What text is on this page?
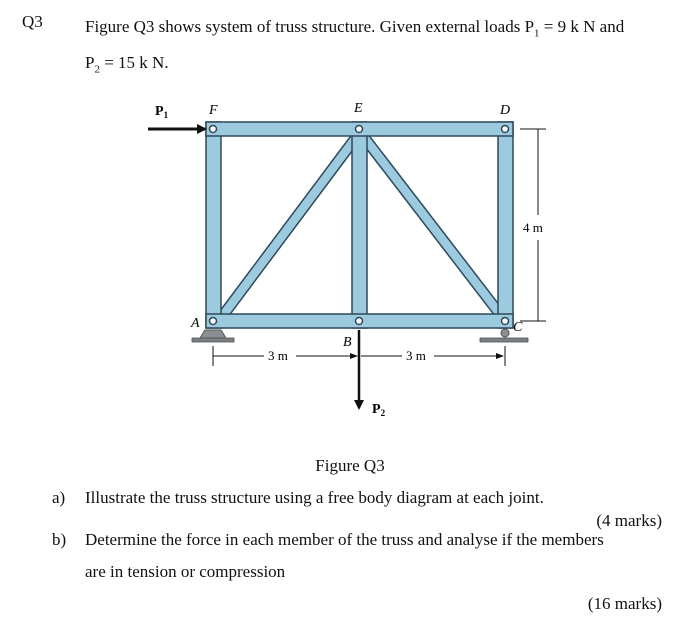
Q3 Figure Q3 shows system of truss structure. Given external loads $P_1 = 9$ k N and
$P_2 = 15$ k N.
$P_1$
$P_2$
F	E	D
A
B
C
3 m	3 m
4 m
Figure Q3
a) Illustrate the truss structure using a free body diagram at each joint.
(4 marks)
b) Determine the force in each member of the truss and analyse if the members
are in tension or compression
(16 marks)
